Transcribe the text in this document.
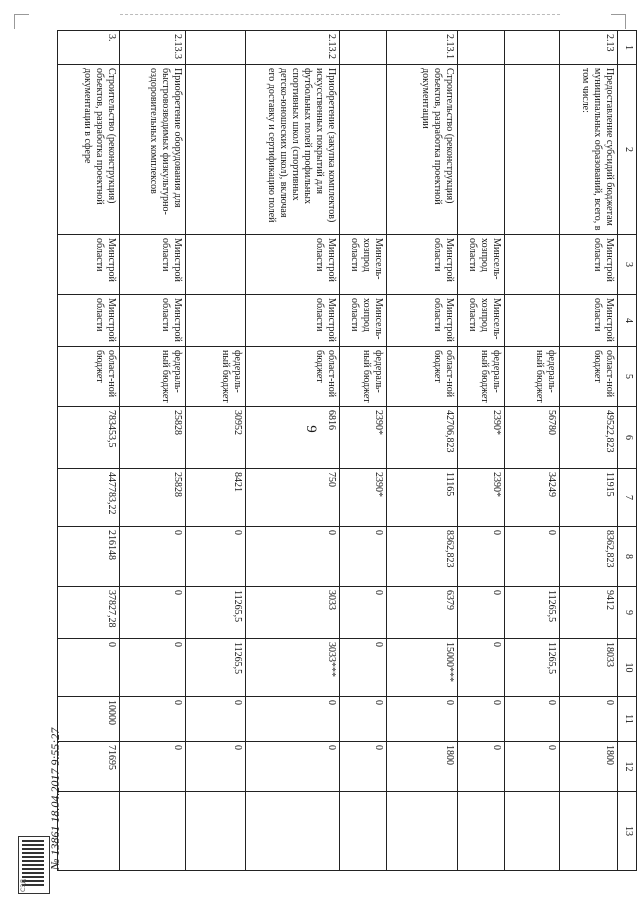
9
1	2	3	4	5	6	7	8	9	10	11	12	13
2.13	Предоставление субсидий бюджетам муниципальных образований, всего, в том числе:	Минстрой области	Минстрой области	област-ной бюджет	49522,823	11915	8362,823	9412	18033	0	1800	
				федераль-ный бюджет	56780	34249	0	11265,5	11265,5	0	0	
		Минсель-хозпрод области	Минсель-хозпрод области	федераль-ный бюджет	2390*	2390*	0	0	0	0	0	
2.13.1	Строительство (реконструкция) объектов, разработка проектной документации	Минстрой области	Минстрой области	област-ной бюджет	42706,823	11165	8362,823	6379	15000***	0	1800	
		Минсель-хозпрод области	Минсель-хозпрод области	федераль-ный бюджет	2390*	2390*	0	0	0	0	0	
2.13.2	Приобретение (закупка комплектов) искусственных покрытий для футбольных полей профильных спортивных школ (спортивных детско-юношеских школ), включая его доставку и сертификацию полей	Минстрой области	Минстрой области	област-ной бюджет	6816	750	0	3033	3033***	0	0	
				федераль-ный бюджет	30952	8421	0	11265,5	11265,5	0	0	
2.13.3	Приобретение оборудования для быстровозводимых физкультурно-оздоровительных комплексов	Минстрой области	Минстрой области	федераль-ный бюджет	25828	25828	0	0	0	0	0	
3.	Строительство (реконструкция) объектов, разработка проектной документации в сфере	Минстрой области	Минстрой области	област-ной бюджет	783453,5	447783,22	216148	37827,28	0	10000	71695	
СЭД
№ 13861 18.04.2017 9:55:27
